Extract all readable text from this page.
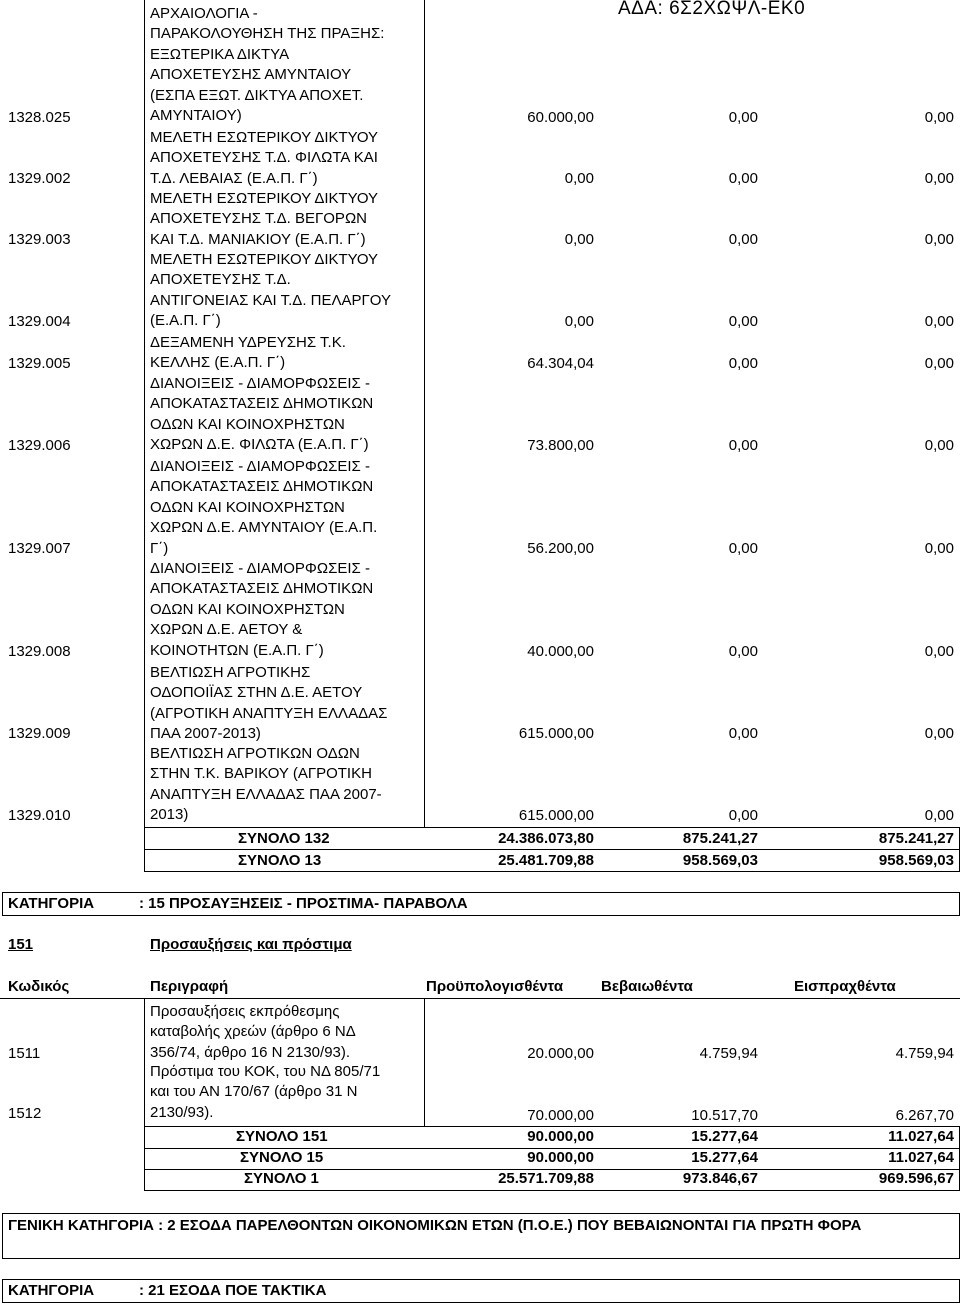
ΑΔΑ: 6Σ2ΧΩΨΛ-ΕΚ0
1328.025
ΑΡΧΑΙΟΛΟΓΙΑ -
ΠΑΡΑΚΟΛΟΥΘΗΣΗ ΤΗΣ ΠΡΑΞΗΣ:
ΕΞΩΤΕΡΙΚΑ ΔΙΚΤΥΑ
ΑΠΟΧΕΤΕΥΣΗΣ ΑΜΥΝΤΑΙΟΥ
(ΕΣΠΑ ΕΞΩΤ. ΔΙΚΤΥΑ ΑΠΟΧΕΤ.
ΑΜΥΝΤΑΙΟΥ)	60.000,00	0,00	0,00
1329.002
ΜΕΛΕΤΗ ΕΣΩΤΕΡΙΚΟΥ ΔΙΚΤΥΟΥ
ΑΠΟΧΕΤΕΥΣΗΣ Τ.Δ. ΦΙΛΩΤΑ ΚΑΙ
Τ.Δ. ΛΕΒΑΙΑΣ (Ε.Α.Π. Γ΄)	0,00	0,00	0,00
1329.003
ΜΕΛΕΤΗ ΕΣΩΤΕΡΙΚΟΥ ΔΙΚΤΥΟΥ
ΑΠΟΧΕΤΕΥΣΗΣ Τ.Δ. ΒΕΓΟΡΩΝ
ΚΑΙ Τ.Δ. ΜΑΝΙΑΚΙΟΥ (Ε.Α.Π. Γ΄)	0,00	0,00	0,00
1329.004
ΜΕΛΕΤΗ ΕΣΩΤΕΡΙΚΟΥ ΔΙΚΤΥΟΥ
ΑΠΟΧΕΤΕΥΣΗΣ Τ.Δ.
ΑΝΤΙΓΟΝΕΙΑΣ ΚΑΙ Τ.Δ. ΠΕΛΑΡΓΟΥ
(Ε.Α.Π. Γ΄)	0,00	0,00	0,00
1329.005
ΔΕΞΑΜΕΝΗ ΥΔΡΕΥΣΗΣ Τ.Κ.
ΚΕΛΛΗΣ (Ε.Α.Π. Γ΄)	64.304,04	0,00	0,00
1329.006
ΔΙΑΝΟΙΞΕΙΣ - ΔΙΑΜΟΡΦΩΣΕΙΣ -
ΑΠΟΚΑΤΑΣΤΑΣΕΙΣ ΔΗΜΟΤΙΚΩΝ
ΟΔΩΝ ΚΑΙ ΚΟΙΝΟΧΡΗΣΤΩΝ
ΧΩΡΩΝ Δ.Ε. ΦΙΛΩΤΑ (Ε.Α.Π. Γ΄)	73.800,00	0,00	0,00
1329.007
ΔΙΑΝΟΙΞΕΙΣ - ΔΙΑΜΟΡΦΩΣΕΙΣ -
ΑΠΟΚΑΤΑΣΤΑΣΕΙΣ ΔΗΜΟΤΙΚΩΝ
ΟΔΩΝ ΚΑΙ ΚΟΙΝΟΧΡΗΣΤΩΝ
ΧΩΡΩΝ Δ.Ε. ΑΜΥΝΤΑΙΟΥ (Ε.Α.Π.
Γ΄)	56.200,00	0,00	0,00
1329.008
ΔΙΑΝΟΙΞΕΙΣ - ΔΙΑΜΟΡΦΩΣΕΙΣ -
ΑΠΟΚΑΤΑΣΤΑΣΕΙΣ ΔΗΜΟΤΙΚΩΝ
ΟΔΩΝ ΚΑΙ ΚΟΙΝΟΧΡΗΣΤΩΝ
ΧΩΡΩΝ Δ.Ε. ΑΕΤΟΥ &
ΚΟΙΝΟΤΗΤΩΝ (Ε.Α.Π. Γ΄)	40.000,00	0,00	0,00
1329.009
ΒΕΛΤΙΩΣΗ ΑΓΡΟΤΙΚΗΣ
ΟΔΟΠΟΙΪΑΣ ΣΤΗΝ Δ.Ε. ΑΕΤΟΥ
(ΑΓΡΟΤΙΚΗ ΑΝΑΠΤΥΞΗ ΕΛΛΑΔΑΣ
ΠΑΑ 2007-2013)	615.000,00	0,00	0,00
1329.010
ΒΕΛΤΙΩΣΗ ΑΓΡΟΤΙΚΩΝ ΟΔΩΝ
ΣΤΗΝ Τ.Κ. ΒΑΡΙΚΟΥ (ΑΓΡΟΤΙΚΗ
ΑΝΑΠΤΥΞΗ ΕΛΛΑΔΑΣ ΠΑΑ 2007-
2013)	615.000,00	0,00	0,00
ΣΥΝΟΛΟ 132	24.386.073,80	875.241,27	875.241,27
ΣΥΝΟΛΟ 13	25.481.709,88	958.569,03	958.569,03
ΚΑΤΗΓΟΡΙΑ	: 15 ΠΡΟΣΑΥΞΗΣΕΙΣ - ΠΡΟΣΤΙΜΑ- ΠΑΡΑΒΟΛΑ
151	Προσαυξήσεις και πρόστιμα
Κωδικός	Περιγραφή	Προϋπολογισθέντα	Βεβαιωθέντα	Εισπραχθέντα
1511
Προσαυξήσεις εκπρόθεσμης
καταβολής χρεών (άρθρο 6 ΝΔ
356/74, άρθρο 16 Ν 2130/93).	20.000,00	4.759,94	4.759,94
1512
Πρόστιμα του ΚΟΚ, του ΝΔ 805/71
και του ΑΝ 170/67 (άρθρο 31 Ν
2130/93).	70.000,00	10.517,70	6.267,70
ΣΥΝΟΛΟ 151	90.000,00	15.277,64	11.027,64
ΣΥΝΟΛΟ 15	90.000,00	15.277,64	11.027,64
ΣΥΝΟΛΟ 1	25.571.709,88	973.846,67	969.596,67
ΓΕΝΙΚΗ ΚΑΤΗΓΟΡΙΑ : 2 ΕΣΟΔΑ ΠΑΡΕΛΘΟΝΤΩΝ ΟΙΚΟΝΟΜΙΚΩΝ ΕΤΩΝ (Π.Ο.Ε.) ΠΟΥ ΒΕΒΑΙΩΝΟΝΤΑΙ ΓΙΑ ΠΡΩΤΗ ΦΟΡΑ
ΚΑΤΗΓΟΡΙΑ	: 21 ΕΣΟΔΑ ΠΟΕ ΤΑΚΤΙΚΑ
